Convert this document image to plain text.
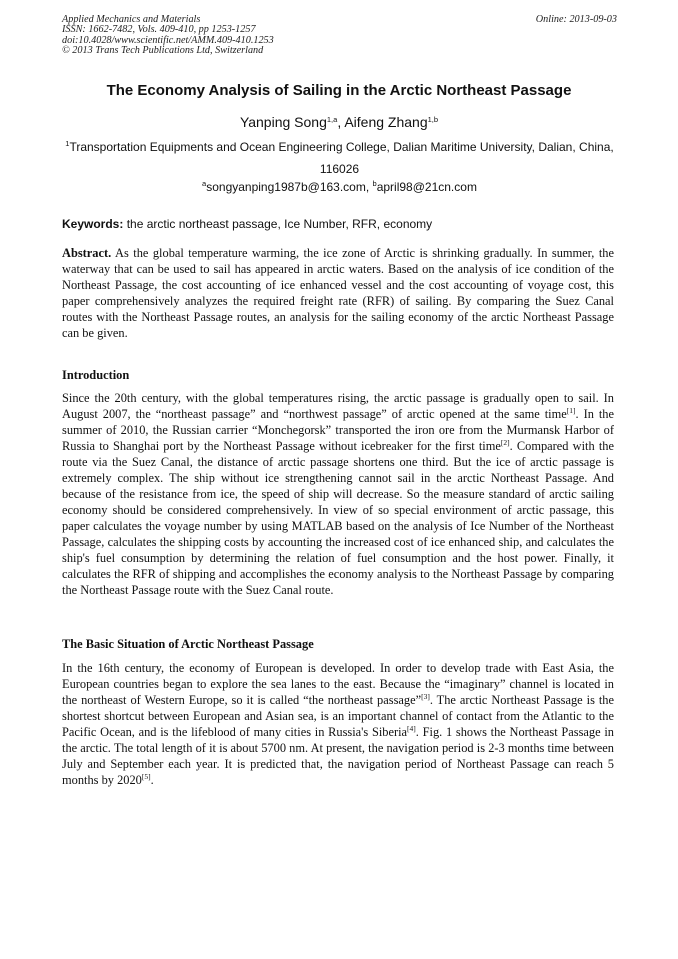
Applied Mechanics and Materials
ISSN: 1662-7482, Vols. 409-410, pp 1253-1257
doi:10.4028/www.scientific.net/AMM.409-410.1253
© 2013 Trans Tech Publications Ltd, Switzerland
Online: 2013-09-03
The Economy Analysis of Sailing in the Arctic Northeast Passage
Yanping Song$^{1,a}$, Aifeng Zhang$^{1,b}$
$^1$Transportation Equipments and Ocean Engineering College, Dalian Maritime University, Dalian, China, 116026
$^a$songyanping1987b@163.com, $^b$april98@21cn.com
Keywords: the arctic northeast passage, Ice Number, RFR, economy
Abstract. As the global temperature warming, the ice zone of Arctic is shrinking gradually. In summer, the waterway that can be used to sail has appeared in arctic waters. Based on the analysis of ice condition of the Northeast Passage, the cost accounting of ice enhanced vessel and the cost accounting of voyage cost, this paper comprehensively analyzes the required freight rate (RFR) of sailing. By comparing the Suez Canal routes with the Northeast Passage routes, an analysis for the sailing economy of the arctic Northeast Passage can be given.
Introduction
Since the 20th century, with the global temperatures rising, the arctic passage is gradually open to sail. In August 2007, the “northeast passage” and “northwest passage” of arctic opened at the same time[1]. In the summer of 2010, the Russian carrier “Monchegorsk” transported the iron ore from the Murmansk Harbor of Russia to Shanghai port by the Northeast Passage without icebreaker for the first time[2]. Compared with the route via the Suez Canal, the distance of arctic passage shortens one third. But the ice of arctic passage is extremely complex. The ship without ice strengthening cannot sail in the arctic Northeast Passage. And because of the resistance from ice, the speed of ship will decrease. So the measure standard of arctic sailing economy should be considered comprehensively. In view of so special environment of arctic passage, this paper calculates the voyage number by using MATLAB based on the analysis of Ice Number of the Northeast Passage, calculates the shipping costs by accounting the increased cost of ice enhanced ship, and calculates the ship's fuel consumption by determining the relation of fuel consumption and the host power. Finally, it calculates the RFR of shipping and accomplishes the economy analysis to the Northeast Passage by comparing the Northeast Passage route with the Suez Canal route.
The Basic Situation of Arctic Northeast Passage
In the 16th century, the economy of European is developed. In order to develop trade with East Asia, the European countries began to explore the sea lanes to the east. Because the “imaginary” channel is located in the northeast of Western Europe, so it is called “the northeast passage”[3]. The arctic Northeast Passage is the shortest shortcut between European and Asian sea, is an important channel of contact from the Atlantic to the Pacific Ocean, and is the lifeblood of many cities in Russia's Siberia[4]. Fig. 1 shows the Northeast Passage in the arctic. The total length of it is about 5700 nm. At present, the navigation period is 2-3 months time between July and September each year. It is predicted that, the navigation period of Northeast Passage can reach 5 months by 2020[5].
